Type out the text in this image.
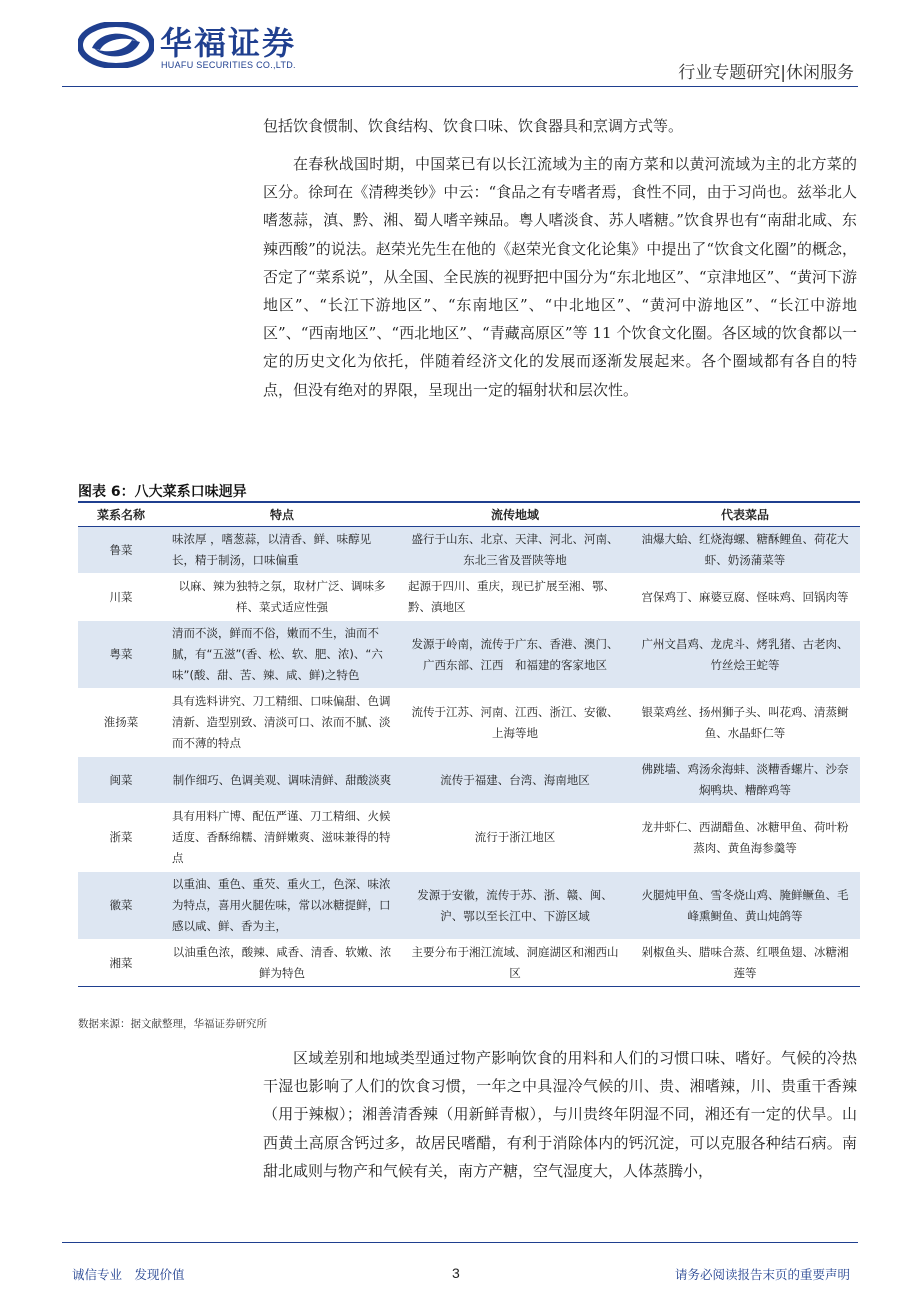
华福证券
HUAFU SECURITIES CO.,LTD.	行业专题研究|休闲服务

包括饮食惯制、饮食结构、饮食口味、饮食器具和烹调方式等。

在春秋战国时期，中国菜已有以长江流域为主的南方菜和以黄河流域为主的北方菜的区分。徐珂在《清稗类钞》中云：“食品之有专嗜者焉，食性不同，由于习尚也。兹举北人嗜葱蒜，滇、黔、湘、蜀人嗜辛辣品。粤人嗜淡食、苏人嗜糖。”饮食界也有“南甜北咸、东辣西酸”的说法。赵荣光先生在他的《赵荣光食文化论集》中提出了“饮食文化圈”的概念，否定了“菜系说”，从全国、全民族的视野把中国分为“东北地区”、“京津地区”、“黄河下游地区”、“长江下游地区”、“东南地区”、“中北地区”、“黄河中游地区”、“长江中游地区”、“西南地区”、“西北地区”、“青藏高原区”等 11 个饮食文化圈。各区域的饮食都以一定的历史文化为依托，伴随着经济文化的发展而逐渐发展起来。各个圈域都有各自的特点，但没有绝对的界限，呈现出一定的辐射状和层次性。

图表 6：八大菜系口味迥异
菜系名称	特点	流传地域	代表菜品
鲁菜	味浓厚 ，嗜葱蒜，以清香、鲜、味醇见长，精于制汤，口味偏重	盛行于山东、北京、天津、河北、河南、东北三省及晋陕等地	油爆大蛤、红烧海螺、糖酥鲤鱼、荷花大虾、奶汤蒲菜等
川菜	以麻、辣为独特之氛，取材广泛、调味多样、菜式适应性强	起源于四川、重庆，现已扩展至湘、鄂、黔、滇地区	宫保鸡丁、麻婆豆腐、怪味鸡、回锅肉等
粤菜	清而不淡，鲜而不俗，嫩而不生，油而不腻，有“五滋”(香、松、软、肥、浓)、“六味”(酸、甜、苦、辣、咸、鲜)之特色	发源于岭南，流传于广东、香港、澳门、广西东部、江西　和福建的客家地区	广州文昌鸡、龙虎斗、烤乳猪、古老肉、竹丝烩王蛇等
淮扬菜	具有选料讲究、刀工精细、口味偏甜、色调清新、造型别致、清淡可口、浓而不腻、淡而不薄的特点	流传于江苏、河南、江西、浙江、安徽、上海等地	银菜鸡丝、扬州狮子头、叫花鸡、清蒸鲥鱼、水晶虾仁等
闽菜	制作细巧、色调美观、调味清鲜、甜酸淡爽	流传于福建、台湾、海南地区	佛跳墙、鸡汤氽海蚌、淡糟香螺片、沙奈焖鸭块、糟醉鸡等
浙菜	具有用料广博、配伍严谨、刀工精细、火候适度、香酥绵糯、清鲜嫩爽、滋味兼得的特点	流行于浙江地区	龙井虾仁、西湖醋鱼、冰糖甲鱼、荷叶粉蒸肉、黄鱼海参羹等
徽菜	以重油、重色、重芡、重火工，色深、味浓为特点，喜用火腿佐味，常以冰糖提鲜，口感以咸、鲜、香为主，	发源于安徽，流传于苏、浙、赣、闽、沪、鄂以至长江中、下游区域	火腿炖甲鱼、雪冬烧山鸡、腌鲜鳜鱼、毛峰熏鲥鱼、黄山炖鸽等
湘菜	以油重色浓，酸辣、咸香、清香、软嫩、浓鲜为特色	主要分布于湘江流域、洞庭湖区和湘西山区	剁椒鱼头、腊味合蒸、红喂鱼翅、冰糖湘莲等
数据来源：据文献整理，华福证券研究所

区域差别和地域类型通过物产影响饮食的用料和人们的习惯口味、嗜好。气候的冷热干湿也影响了人们的饮食习惯，一年之中具湿冷气候的川、贵、湘嗜辣，川、贵重干香辣（用于辣椒）；湘善清香辣（用新鲜青椒），与川贵终年阴湿不同，湘还有一定的伏旱。山西黄土高原含钙过多，故居民嗜醋，有利于消除体内的钙沉淀，可以克服各种结石病。南甜北咸则与物产和气候有关，南方产糖，空气湿度大，人体蒸腾小，

诚信专业　发现价值	3	请务必阅读报告末页的重要声明
